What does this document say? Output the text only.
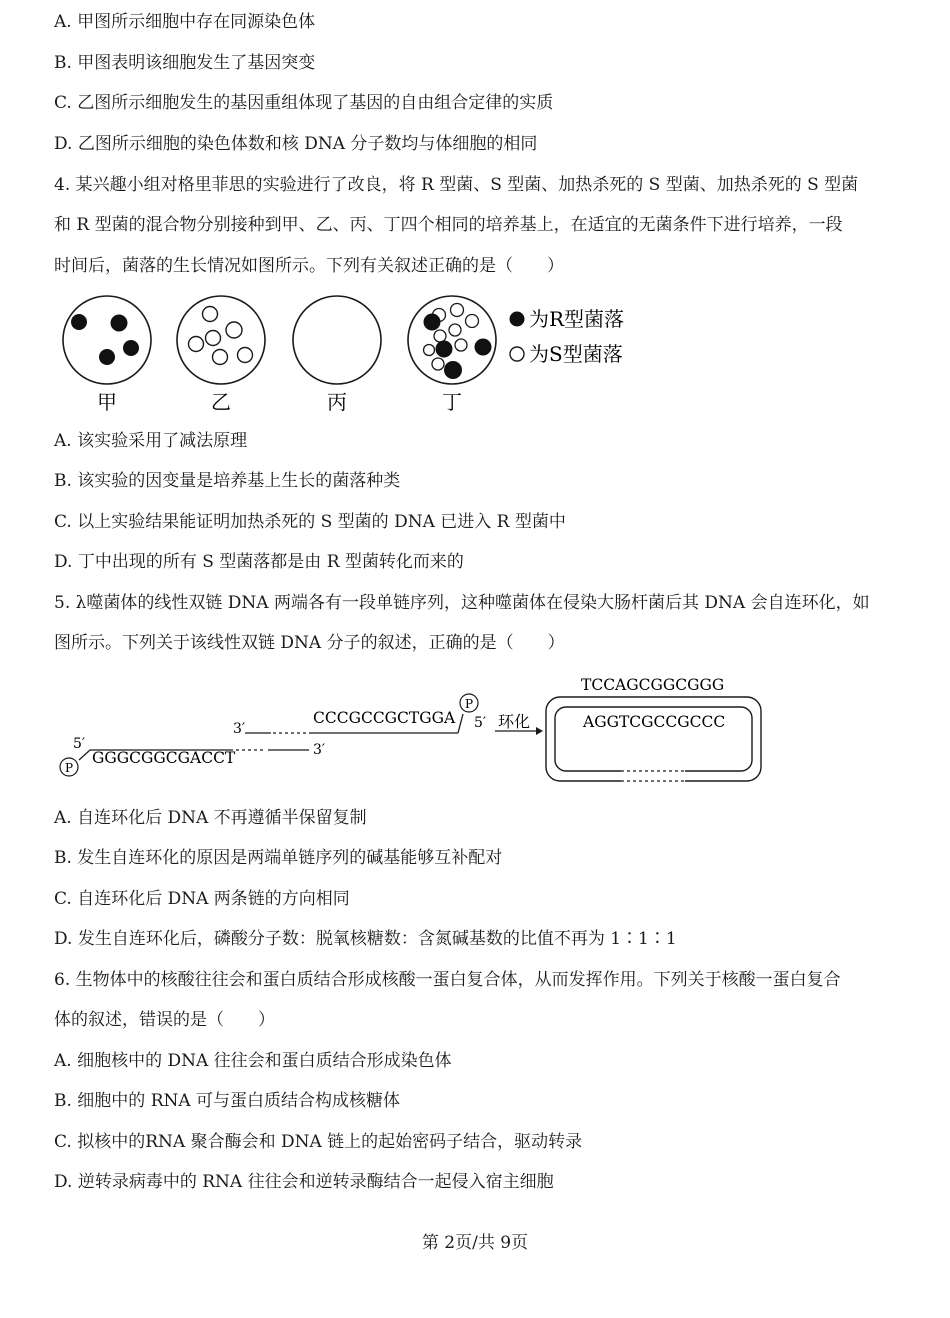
A. 甲图所示细胞中存在同源染色体
B. 甲图表明该细胞发生了基因突变
C. 乙图所示细胞发生的基因重组体现了基因的自由组合定律的实质
D. 乙图所示细胞的染色体数和核 DNA 分子数均与体细胞的相同
4. 某兴趣小组对格里菲思的实验进行了改良，将 R 型菌、S 型菌、加热杀死的 S 型菌、加热杀死的 S 型菌
和 R 型菌的混合物分别接种到甲、乙、丙、丁四个相同的培养基上，在适宜的无菌条件下进行培养，一段
时间后，菌落的生长情况如图所示。下列有关叙述正确的是（　　）
甲	乙	丙	丁
为R型菌落
为S型菌落
A. 该实验采用了减法原理
B. 该实验的因变量是培养基上生长的菌落种类
C. 以上实验结果能证明加热杀死的 S 型菌的 DNA 已进入 R 型菌中
D. 丁中出现的所有 S 型菌落都是由 R 型菌转化而来的
5. λ噬菌体的线性双链 DNA 两端各有一段单链序列，这种噬菌体在侵染大肠杆菌后其 DNA 会自连环化，如
图所示。下列关于该线性双链 DNA 分子的叙述，正确的是（　　）
P
5′
GGGCGGCGACCT
3′
3′
CCCGCCGCTGGA
P
5′ 环化
TCCAGCGGCGGG
AGGTCGCCGCCC
A. 自连环化后 DNA 不再遵循半保留复制
B. 发生自连环化的原因是两端单链序列的碱基能够互补配对
C. 自连环化后 DNA 两条链的方向相同
D. 发生自连环化后，磷酸分子数：脱氧核糖数：含氮碱基数的比值不再为 1∶1∶1
6. 生物体中的核酸往往会和蛋白质结合形成核酸一蛋白复合体，从而发挥作用。下列关于核酸一蛋白复合
体的叙述，错误的是（　　）
A. 细胞核中的 DNA 往往会和蛋白质结合形成染色体
B. 细胞中的 RNA 可与蛋白质结合构成核糖体
C. 拟核中的RNA 聚合酶会和 DNA 链上的起始密码子结合，驱动转录
D. 逆转录病毒中的 RNA 往往会和逆转录酶结合一起侵入宿主细胞
第 2页/共 9页
